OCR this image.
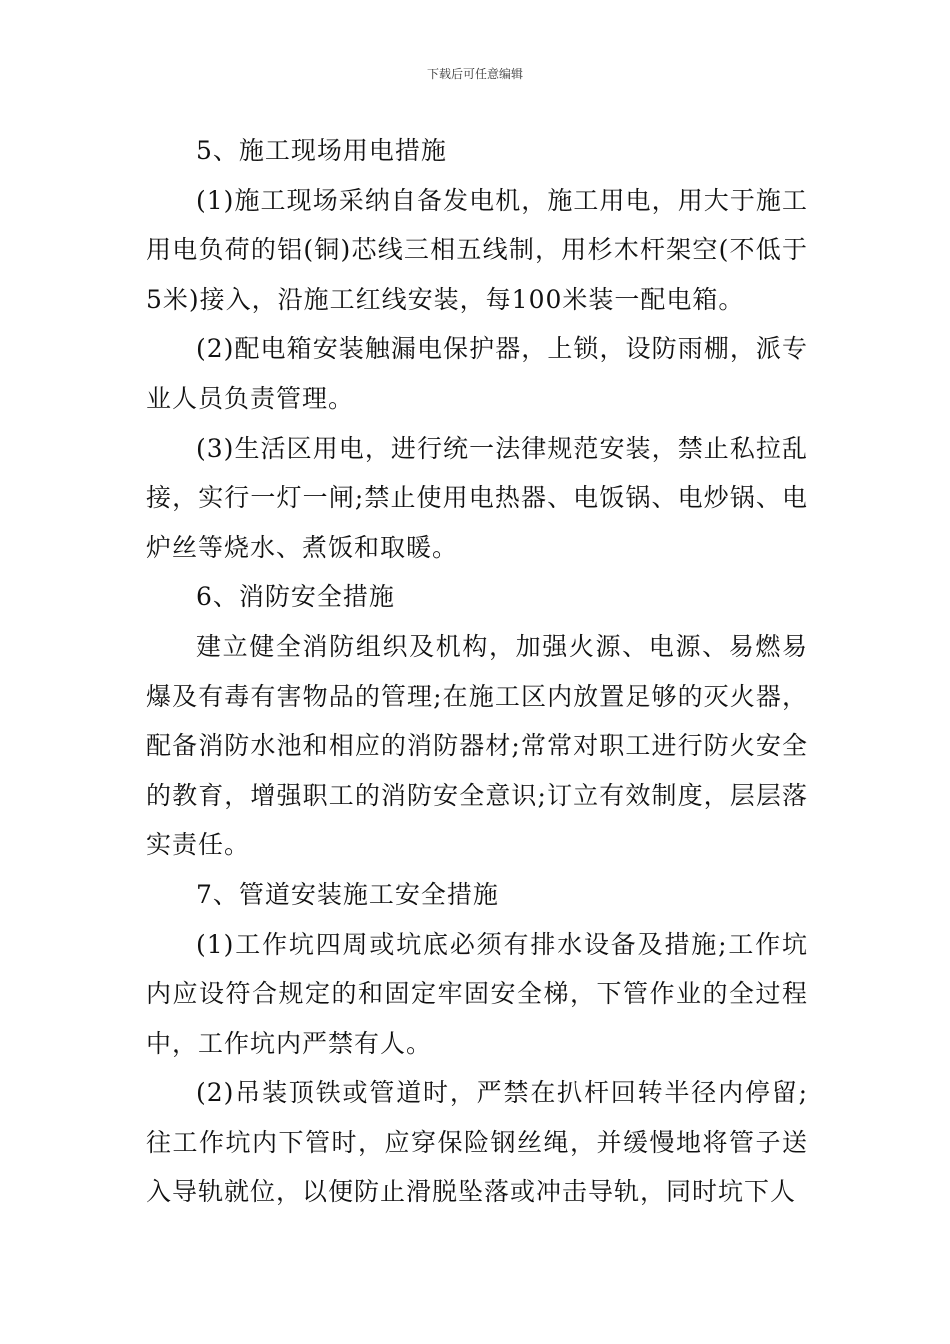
下载后可任意编辑

5、施工现场用电措施

(1)施工现场采纳自备发电机，施工用电，用大于施工用电负荷的铝(铜)芯线三相五线制，用杉木杆架空(不低于5米)接入，沿施工红线安装，每100米装一配电箱。

(2)配电箱安装触漏电保护器，上锁，设防雨棚，派专业人员负责管理。

(3)生活区用电，进行统一法律规范安装，禁止私拉乱接，实行一灯一闸;禁止使用电热器、电饭锅、电炒锅、电炉丝等烧水、煮饭和取暖。

6、消防安全措施

建立健全消防组织及机构，加强火源、电源、易燃易爆及有毒有害物品的管理;在施工区内放置足够的灭火器，配备消防水池和相应的消防器材;常常对职工进行防火安全的教育，增强职工的消防安全意识;订立有效制度，层层落实责任。

7、管道安装施工安全措施

(1)工作坑四周或坑底必须有排水设备及措施;工作坑内应设符合规定的和固定牢固安全梯，下管作业的全过程中，工作坑内严禁有人。

(2)吊装顶铁或管道时，严禁在扒杆回转半径内停留;往工作坑内下管时，应穿保险钢丝绳，并缓慢地将管子送入导轨就位，以便防止滑脱坠落或冲击导轨，同时坑下人
